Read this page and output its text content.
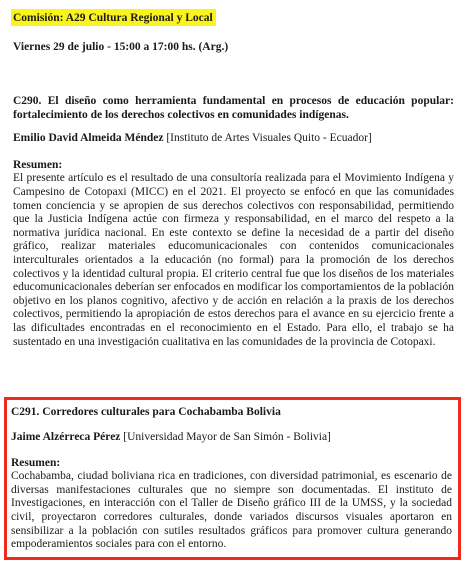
Comisión: A29 Cultura Regional y Local
Viernes 29 de julio - 15:00 a 17:00 hs. (Arg.)

C290. El diseño como herramienta fundamental en procesos de educación popular: fortalecimiento de los derechos colectivos en comunidades indígenas.

Emilio David Almeida Méndez [Instituto de Artes Visuales Quito - Ecuador]
Resumen:

El presente artículo es el resultado de una consultoría realizada para el Movimiento Indígena y Campesino de Cotopaxi (MICC) en el 2021. El proyecto se enfocó en que las comunidades tomen conciencia y se apropien de sus derechos colectivos con responsabilidad, permitiendo que la Justicia Indígena actúe con firmeza y responsabilidad, en el marco del respeto a la normativa jurídica nacional. En este contexto se define la necesidad de a partir del diseño gráfico, realizar materiales educomunicacionales con contenidos comunicacionales interculturales orientados a la educación (no formal) para la promoción de los derechos colectivos y la identidad cultural propia. El criterio central fue que los diseños de los materiales educomunicacionales deberían ser enfocados en modificar los comportamientos de la población objetivo en los planos cognitivo, afectivo y de acción en relación a la praxis de los derechos colectivos, permitiendo la apropiación de estos derechos para el avance en su ejercicio frente a las dificultades encontradas en el reconocimiento en el Estado. Para ello, el trabajo se ha sustentado en una investigación cualitativa en las comunidades de la provincia de Cotopaxi.

C291. Corredores culturales para Cochabamba Bolivia

Jaime Alzérreca Pérez [Universidad Mayor de San Simón - Bolivia]
Resumen:

Cochabamba, ciudad boliviana rica en tradiciones, con diversidad patrimonial, es escenario de diversas manifestaciones culturales que no siempre son documentadas. El instituto de Investigaciones, en interacción con el Taller de Diseño gráfico III de la UMSS, y la sociedad civil, proyectaron corredores culturales, donde variados discursos visuales aportaron en sensibilizar a la población con sutiles resultados gráficos para promover cultura generando empoderamientos sociales para con el entorno.
